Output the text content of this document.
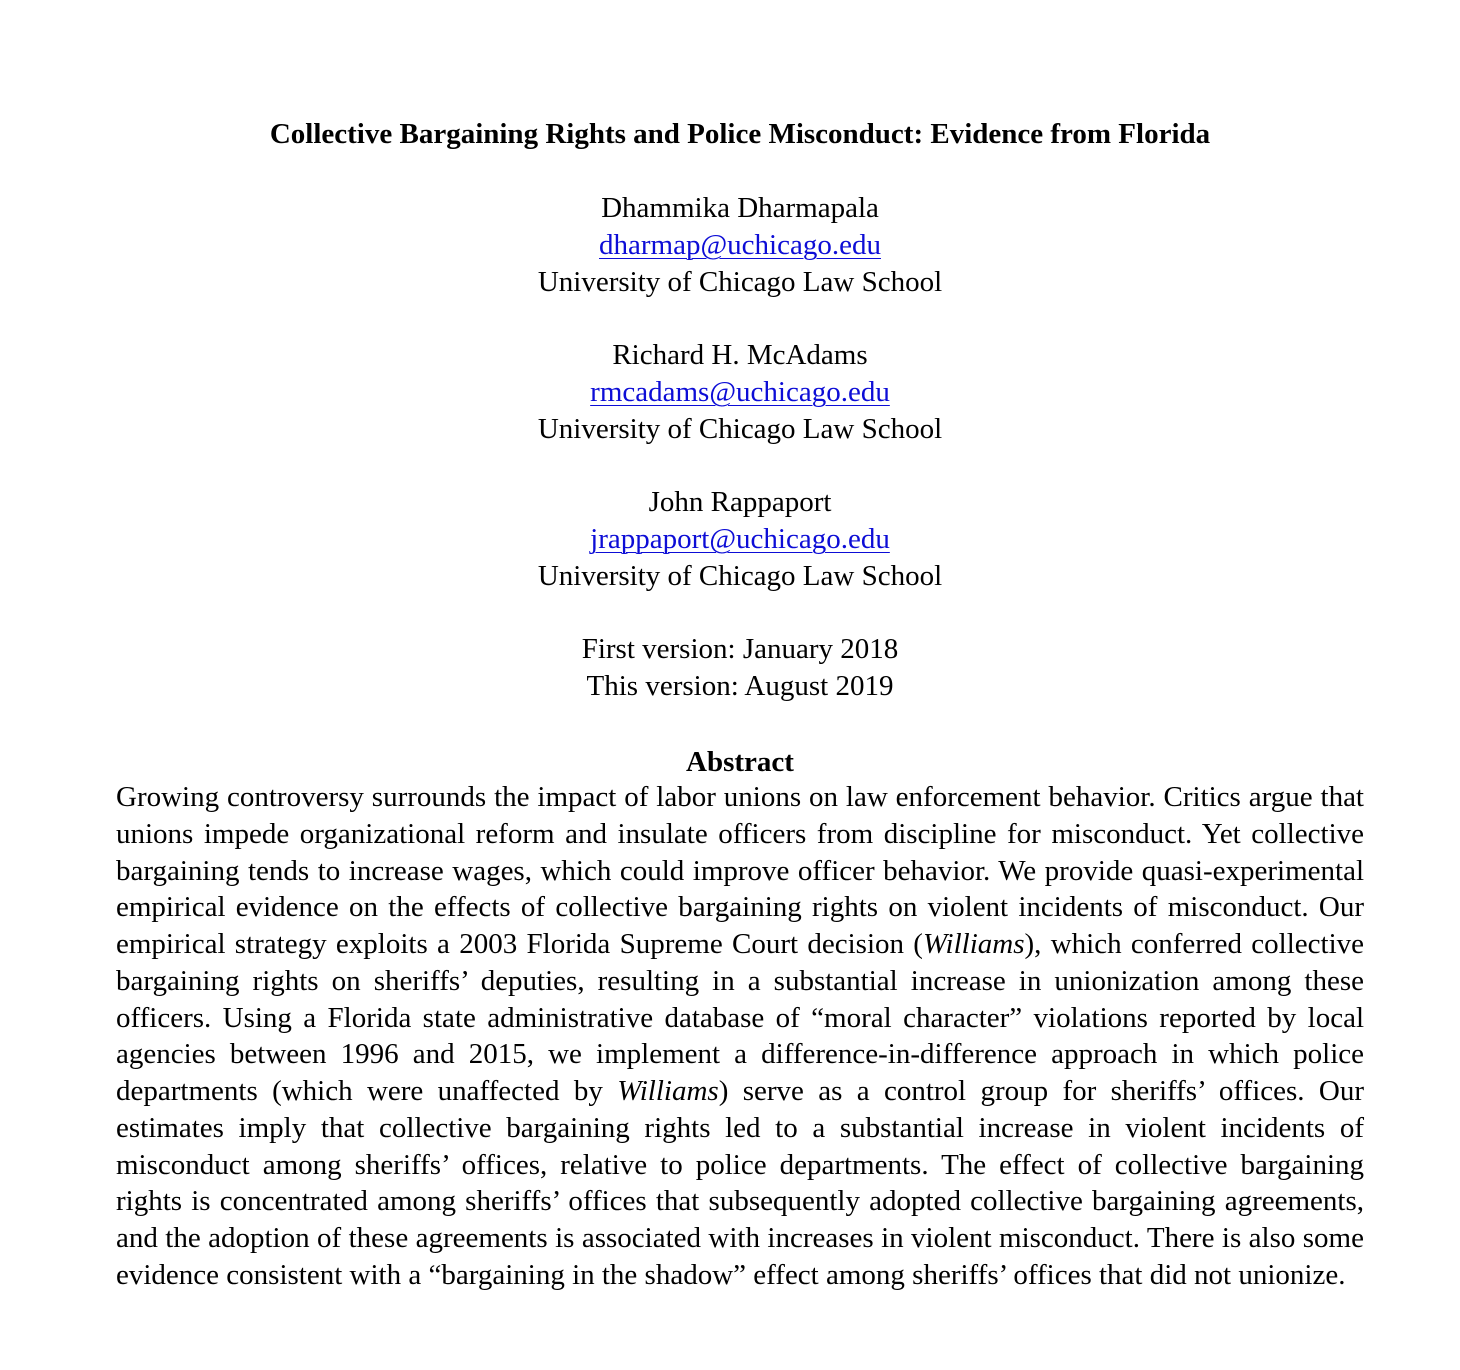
Collective Bargaining Rights and Police Misconduct: Evidence from Florida
Dhammika Dharmapala
dharmap@uchicago.edu
University of Chicago Law School
Richard H. McAdams
rmcadams@uchicago.edu
University of Chicago Law School
John Rappaport
jrappaport@uchicago.edu
University of Chicago Law School
First version: January 2018
This version: August 2019
Abstract

Growing controversy surrounds the impact of labor unions on law enforcement behavior. Critics argue that unions impede organizational reform and insulate officers from discipline for misconduct. Yet collective bargaining tends to increase wages, which could improve officer behavior. We provide quasi-experimental empirical evidence on the effects of collective bargaining rights on violent incidents of misconduct. Our empirical strategy exploits a 2003 Florida Supreme Court decision (Williams), which conferred collective bargaining rights on sheriffs’ deputies, resulting in a substantial increase in unionization among these officers. Using a Florida state administrative database of “moral character” violations reported by local agencies between 1996 and 2015, we implement a difference-in-difference approach in which police departments (which were unaffected by Williams) serve as a control group for sheriffs’ offices. Our estimates imply that collective bargaining rights led to a substantial increase in violent incidents of misconduct among sheriffs’ offices, relative to police departments. The effect of collective bargaining rights is concentrated among sheriffs’ offices that subsequently adopted collective bargaining agreements, and the adoption of these agreements is associated with increases in violent misconduct. There is also some evidence consistent with a “bargaining in the shadow” effect among sheriffs’ offices that did not unionize.
